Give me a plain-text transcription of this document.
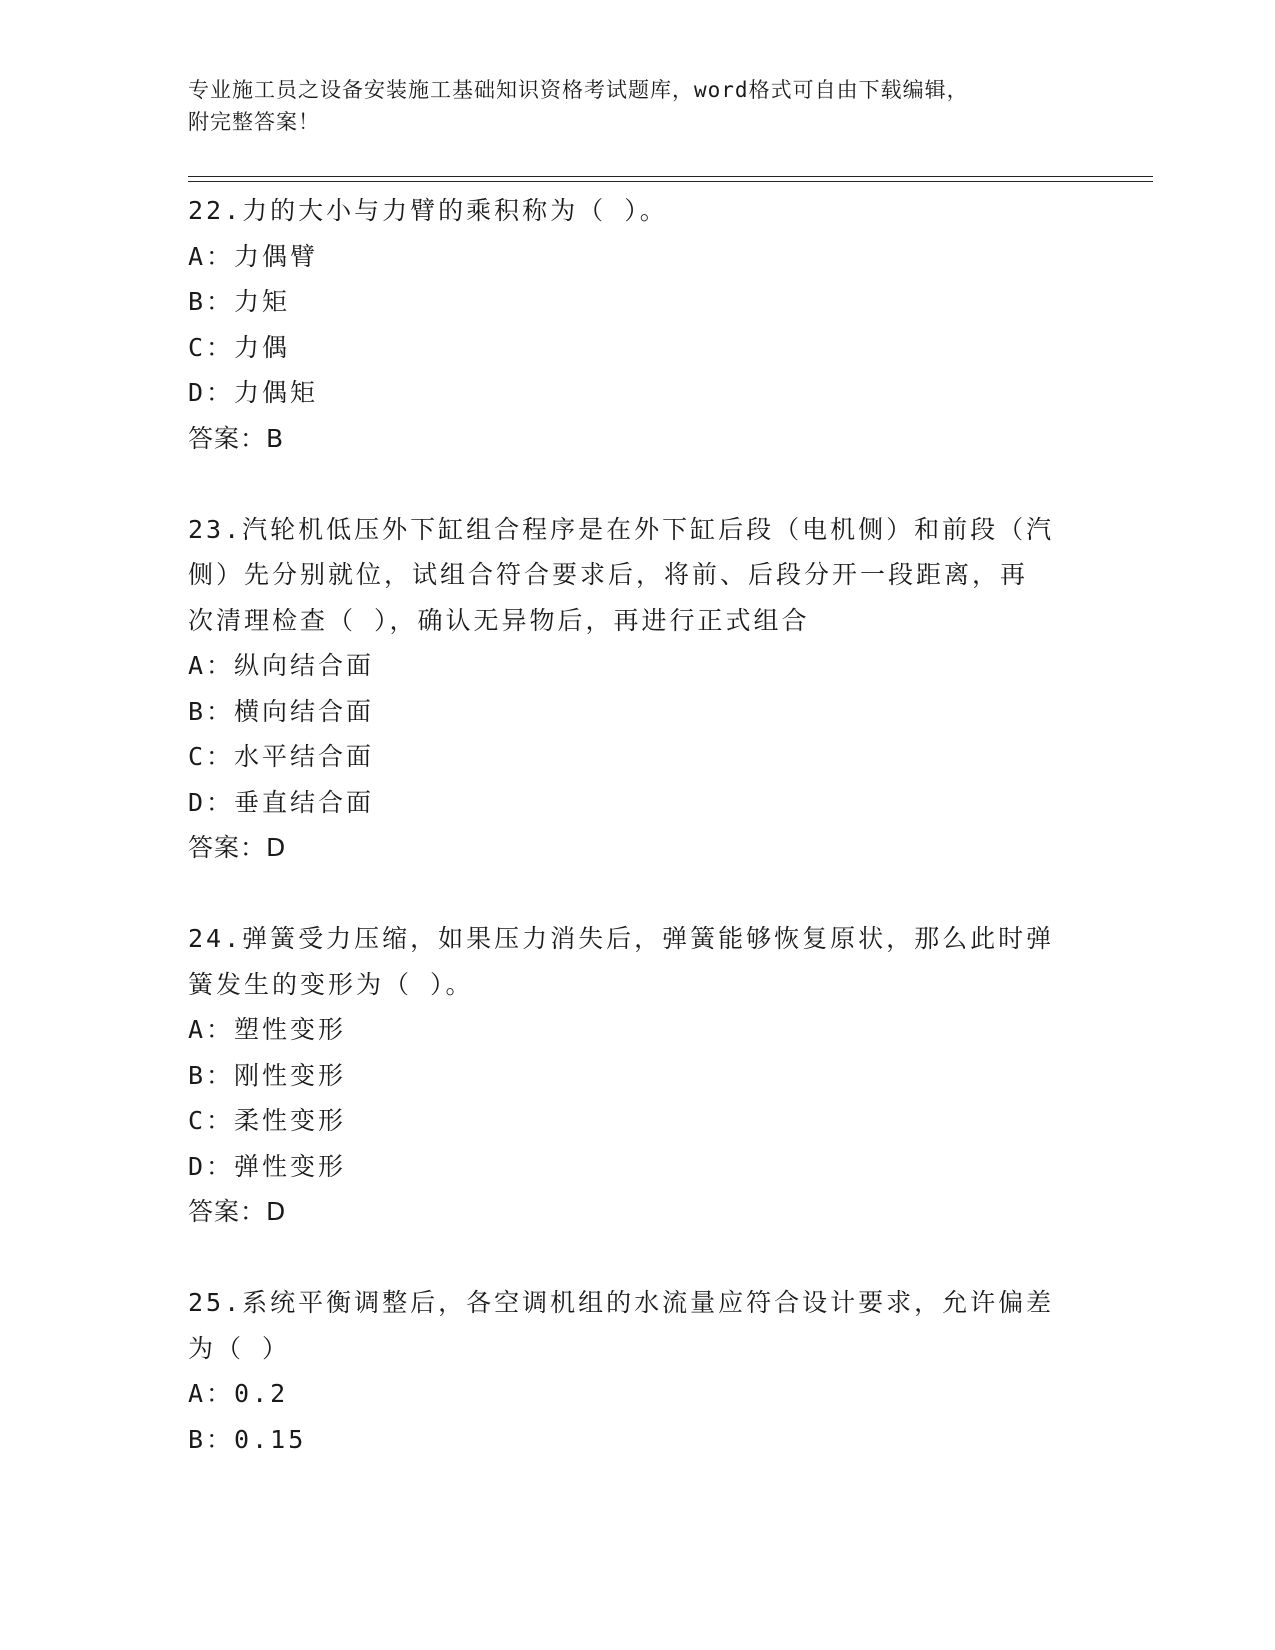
专业施工员之设备安装施工基础知识资格考试题库，word格式可自由下载编辑，
附完整答案！

22.力的大小与力臂的乘积称为（ ）。

A：力偶臂

B：力矩

C：力偶

D：力偶矩

答案：B

23.汽轮机低压外下缸组合程序是在外下缸后段（电机侧）和前段（汽

侧）先分别就位，试组合符合要求后，将前、后段分开一段距离，再

次清理检查（ ），确认无异物后，再进行正式组合

A：纵向结合面

B：横向结合面

C：水平结合面

D：垂直结合面

答案：D

24.弹簧受力压缩，如果压力消失后，弹簧能够恢复原状，那么此时弹

簧发生的变形为（ ）。

A：塑性变形

B：刚性变形

C：柔性变形

D：弹性变形

答案：D

25.系统平衡调整后，各空调机组的水流量应符合设计要求，允许偏差

为（ ）

A：0.2

B：0.15
